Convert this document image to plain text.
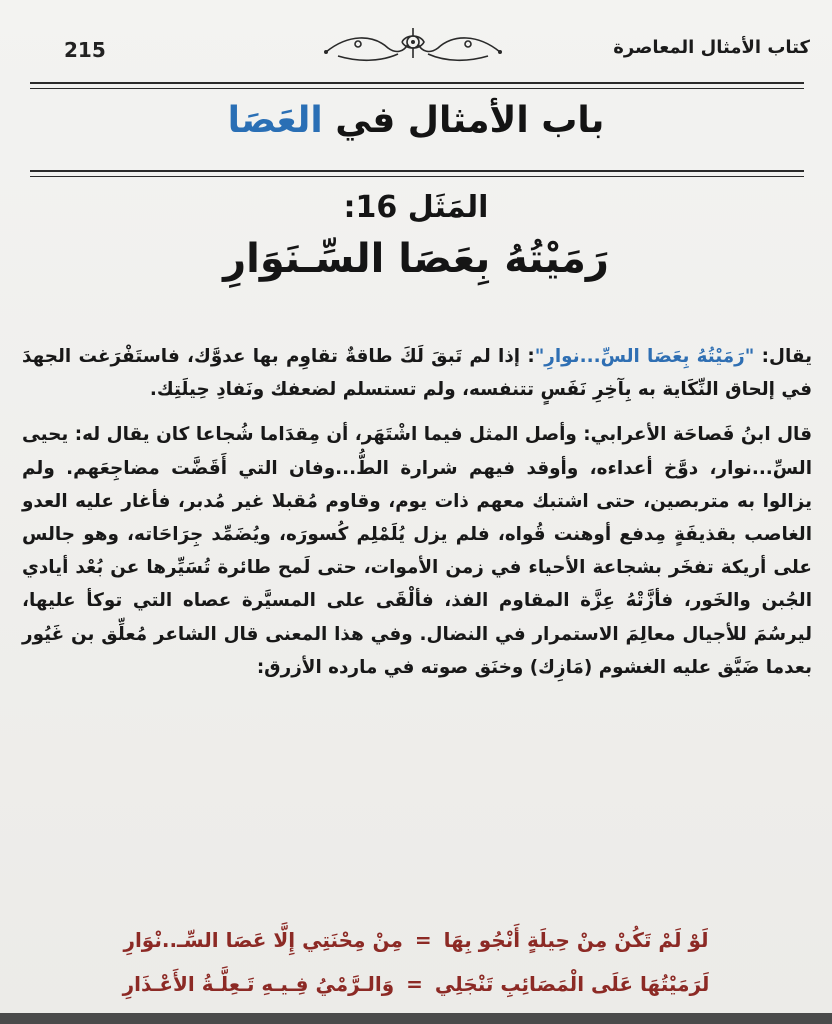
215	كتاب الأمثال المعاصرة
باب الأمثال في العَصَا
المَثَل 16:
رَمَيْتُهُ بِعَصَا السِّـنَوَارِ

يقال: "رَمَيْتُهُ بِعَصَا السِّ...نوارِ": إذا لم تَبقَ لَكَ طاقةٌ تقاوِم بها عدوَّك، فاستَفْرَغت الجهدَ في إلحاق النِّكَاية به بِآخِرِ نَفَسٍ تتنفسه، ولم تستسلم لضعفك ونَفادِ حِيلَتِك.

قال ابنُ فَصاحَة الأعرابي: وأصل المثل فيما اشْتَهَر، أن مِقدَاما شُجاعا كان يقال له: يحيى السِّ...نوار، دوَّخ أعداءه، وأوقد فيهم شرارة الطُّ...وفان التي أَقَضَّت مضاجِعَهم. ولم يزالوا به متربصين، حتى اشتبك معهم ذات يوم، وقاوم مُقبلا غير مُدبر، فأغار عليه العدو الغاصب بقذيفَةٍ مِدفع أوهنت قُواه، فلم يزل يُلَمْلِم كُسورَه، ويُضَمِّد جِرَاحَاته، وهو جالس على أريكة تفخَر بشجاعة الأحياء في زمن الأموات، حتى لَمح طائرة تُسَيِّرها عن بُعْد أيادي الجُبن والخَور، فأزَّتْهُ عِزَّة المقاوم الفذ، فألْقَى على المسيَّرة عصاه التي توكأ عليها، ليرسُمَ للأجيال معالِمَ الاستمرار في النضال. وفي هذا المعنى قال الشاعر مُعلِّق بن غَيُور بعدما ضَيَّق عليه الغشوم (مَازِك) وخنَق صوته في مارده الأزرق:

لَوْ لَمْ تَكُنْ مِنْ حِيلَةٍ أَنْجُو بِهَا=مِنْ مِحْنَتِي إِلَّا عَصَا السِّـ..نْوَارِ
لَرَمَيْتُهَا عَلَى الْمَصَائِبِ تَنْجَلِي=وَالـرَّمْيُ فِـيـهِ تَـعِلَّـةُ الأَعْـذَارِ
